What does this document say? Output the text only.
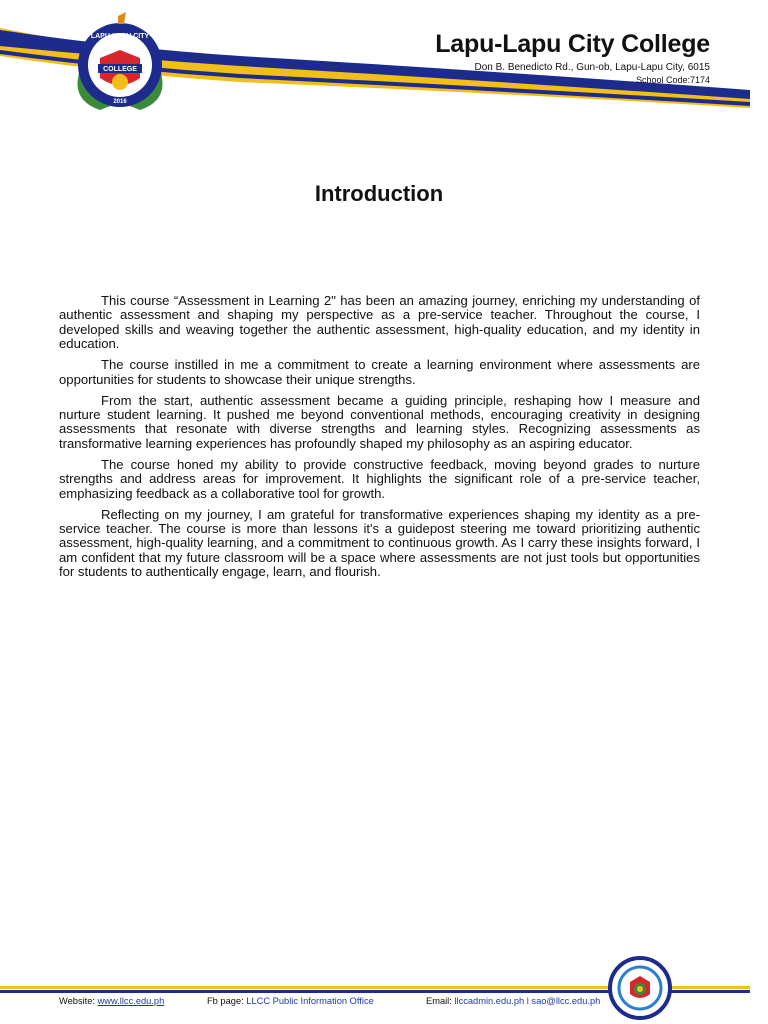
LAPU-LAPU CITY
COLLEGE
2016
Lapu-Lapu City College
Don B. Benedicto Rd., Gun-ob, Lapu-Lapu City, 6015
School Code:7174
Introduction

This course “Assessment in Learning 2" has been an amazing journey, enriching my understanding of authentic assessment and shaping my perspective as a pre-service teacher. Throughout the course, I developed skills and weaving together the authentic assessment, high-quality education, and my identity in education.

The course instilled in me a commitment to create a learning environment where assessments are opportunities for students to showcase their unique strengths.

From the start, authentic assessment became a guiding principle, reshaping how I measure and nurture student learning. It pushed me beyond conventional methods, encouraging creativity in designing assessments that resonate with diverse strengths and learning styles. Recognizing assessments as transformative learning experiences has profoundly shaped my philosophy as an aspiring educator.

The course honed my ability to provide constructive feedback, moving beyond grades to nurture strengths and address areas for improvement. It highlights the significant role of a pre-service teacher, emphasizing feedback as a collaborative tool for growth.

Reflecting on my journey, I am grateful for transformative experiences shaping my identity as a pre-service teacher. The course is more than lessons it's a guidepost steering me toward prioritizing authentic assessment, high-quality learning, and a commitment to continuous growth. As I carry these insights forward, I am confident that my future classroom will be a space where assessments are not just tools but opportunities for students to authentically engage, learn, and flourish.

Website: www.llcc.edu.ph	Fb page: LLCC Public Information Office	Email: llccadmin.edu.ph l sao@llcc.edu.ph
